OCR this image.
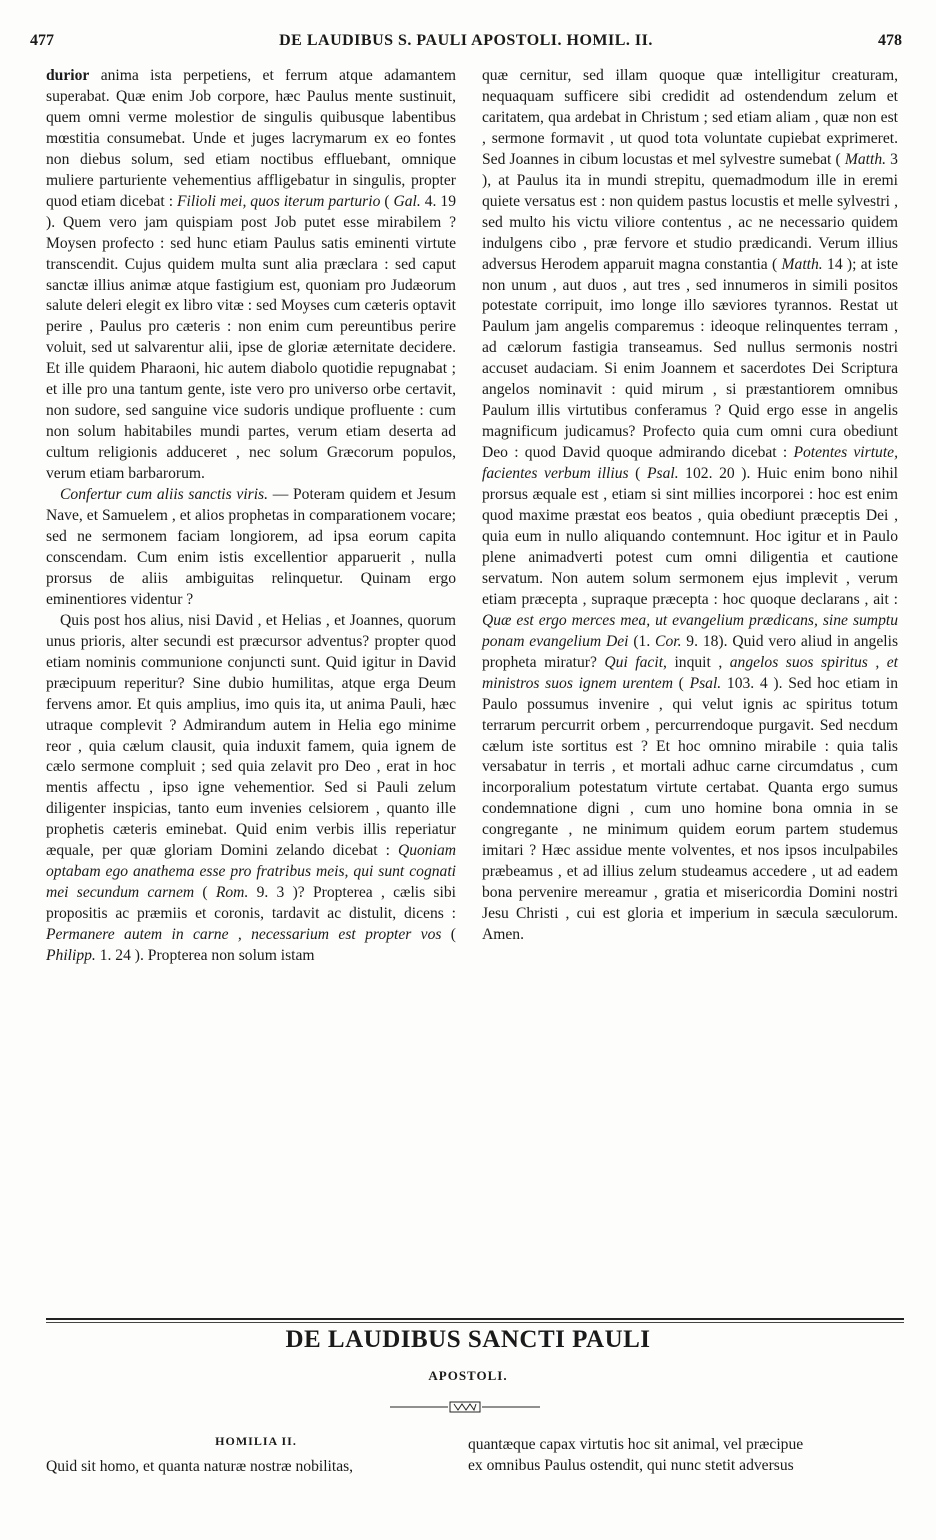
477	DE LAUDIBUS S. PAULI APOSTOLI. HOMIL. II.	478

durior anima ista perpetiens, et ferrum atque adamantem superabat. Quæ enim Job corpore, hæc Paulus mente sustinuit, quem omni verme molestior de singulis quibusque labentibus mœstitia consumebat. Unde et juges lacrymarum ex eo fontes non diebus solum, sed etiam noctibus effluebant, omnique muliere parturiente vehementius affligebatur in singulis, propter quod etiam dicebat : Filioli mei, quos iterum parturio ( Gal. 4. 19 ). Quem vero jam quispiam post Job putet esse mirabilem ? Moysen profecto : sed hunc etiam Paulus satis eminenti virtute transcendit. Cujus quidem multa sunt alia præclara : sed caput sanctæ illius animæ atque fastigium est, quoniam pro Judæorum salute deleri elegit ex libro vitæ : sed Moyses cum cæteris optavit perire , Paulus pro cæteris : non enim cum pereuntibus perire voluit, sed ut salvarentur alii, ipse de gloriæ æternitate decidere. Et ille quidem Pharaoni, hic autem diabolo quotidie repugnabat ; et ille pro una tantum gente, iste vero pro universo orbe certavit, non sudore, sed sanguine vice sudoris undique profluente : cum non solum habitabiles mundi partes, verum etiam deserta ad cultum religionis adduceret , nec solum Græcorum populos, verum etiam barbarorum.

Confertur cum aliis sanctis viris. — Poteram quidem et Jesum Nave, et Samuelem , et alios prophetas in comparationem vocare; sed ne sermonem faciam longiorem, ad ipsa eorum capita conscendam. Cum enim istis excellentior apparuerit , nulla prorsus de aliis ambiguitas relinquetur. Quinam ergo eminentiores videntur ?

Quis post hos alius, nisi David , et Helias , et Joannes, quorum unus prioris, alter secundi est præcursor adventus? propter quod etiam nominis communione conjuncti sunt. Quid igitur in David præcipuum reperitur? Sine dubio humilitas, atque erga Deum fervens amor. Et quis amplius, imo quis ita, ut anima Pauli, hæc utraque complevit ? Admirandum autem in Helia ego minime reor , quia cælum clausit, quia induxit famem, quia ignem de cælo sermone compluit ; sed quia zelavit pro Deo , erat in hoc mentis affectu , ipso igne vehementior. Sed si Pauli zelum diligenter inspicias, tanto eum invenies celsiorem , quanto ille prophetis cæteris eminebat. Quid enim verbis illis reperiatur æquale, per quæ gloriam Domini zelando dicebat : Quoniam optabam ego anathema esse pro fratribus meis, qui sunt cognati mei secundum carnem ( Rom. 9. 3 )? Propterea , cælis sibi propositis ac præmiis et coronis, tardavit ac distulit, dicens : Permanere autem in carne , necessarium est propter vos ( Philipp. 1. 24 ). Propterea non solum istam

quæ cernitur, sed illam quoque quæ intelligitur creaturam, nequaquam sufficere sibi credidit ad ostendendum zelum et caritatem, qua ardebat in Christum ; sed etiam aliam , quæ non est , sermone formavit , ut quod tota voluntate cupiebat exprimeret. Sed Joannes in cibum locustas et mel sylvestre sumebat ( Matth. 3 ), at Paulus ita in mundi strepitu, quemadmodum ille in eremi quiete versatus est : non quidem pastus locustis et melle sylvestri , sed multo his victu viliore contentus , ac ne necessario quidem indulgens cibo , præ fervore et studio prædicandi. Verum illius adversus Herodem apparuit magna constantia ( Matth. 14 ); at iste non unum , aut duos , aut tres , sed innumeros in simili positos potestate corripuit, imo longe illo sæviores tyrannos. Restat ut Paulum jam angelis comparemus : ideoque relinquentes terram , ad cælorum fastigia transeamus. Sed nullus sermonis nostri accuset audaciam. Si enim Joannem et sacerdotes Dei Scriptura angelos nominavit : quid mirum , si præstantiorem omnibus Paulum illis virtutibus conferamus ? Quid ergo esse in angelis magnificum judicamus? Profecto quia cum omni cura obediunt Deo : quod David quoque admirando dicebat : Potentes virtute, facientes verbum illius ( Psal. 102. 20 ). Huic enim bono nihil prorsus æquale est , etiam si sint millies incorporei : hoc est enim quod maxime præstat eos beatos , quia obediunt præceptis Dei , quia eum in nullo aliquando contemnunt. Hoc igitur et in Paulo plene animadverti potest cum omni diligentia et cautione servatum. Non autem solum sermonem ejus implevit , verum etiam præcepta , supraque præcepta : hoc quoque declarans , ait : Quæ est ergo merces mea, ut evangelium prædicans, sine sumptu ponam evangelium Dei (1. Cor. 9. 18). Quid vero aliud in angelis propheta miratur? Qui facit, inquit , angelos suos spiritus , et ministros suos ignem urentem ( Psal. 103. 4 ). Sed hoc etiam in Paulo possumus invenire , qui velut ignis ac spiritus totum terrarum percurrit orbem , percurrendoque purgavit. Sed necdum cælum iste sortitus est ? Et hoc omnino mirabile : quia talis versabatur in terris , et mortali adhuc carne circumdatus , cum incorporalium potestatum virtute certabat. Quanta ergo sumus condemnatione digni , cum uno homine bona omnia in se congregante , ne minimum quidem eorum partem studemus imitari ? Hæc assidue mente volventes, et nos ipsos inculpabiles præbeamus , et ad illius zelum studeamus accedere , ut ad eadem bona pervenire mereamur , gratia et misericordia Domini nostri Jesu Christi , cui est gloria et imperium in sæcula sæculorum. Amen.

DE LAUDIBUS SANCTI PAULI
APOSTOLI.
HOMILIA II.
Quid sit homo, et quanta naturæ nostræ nobilitas,
quantæque capax virtutis hoc sit animal, vel præcipue
ex omnibus Paulus ostendit, qui nunc stetit adversus
